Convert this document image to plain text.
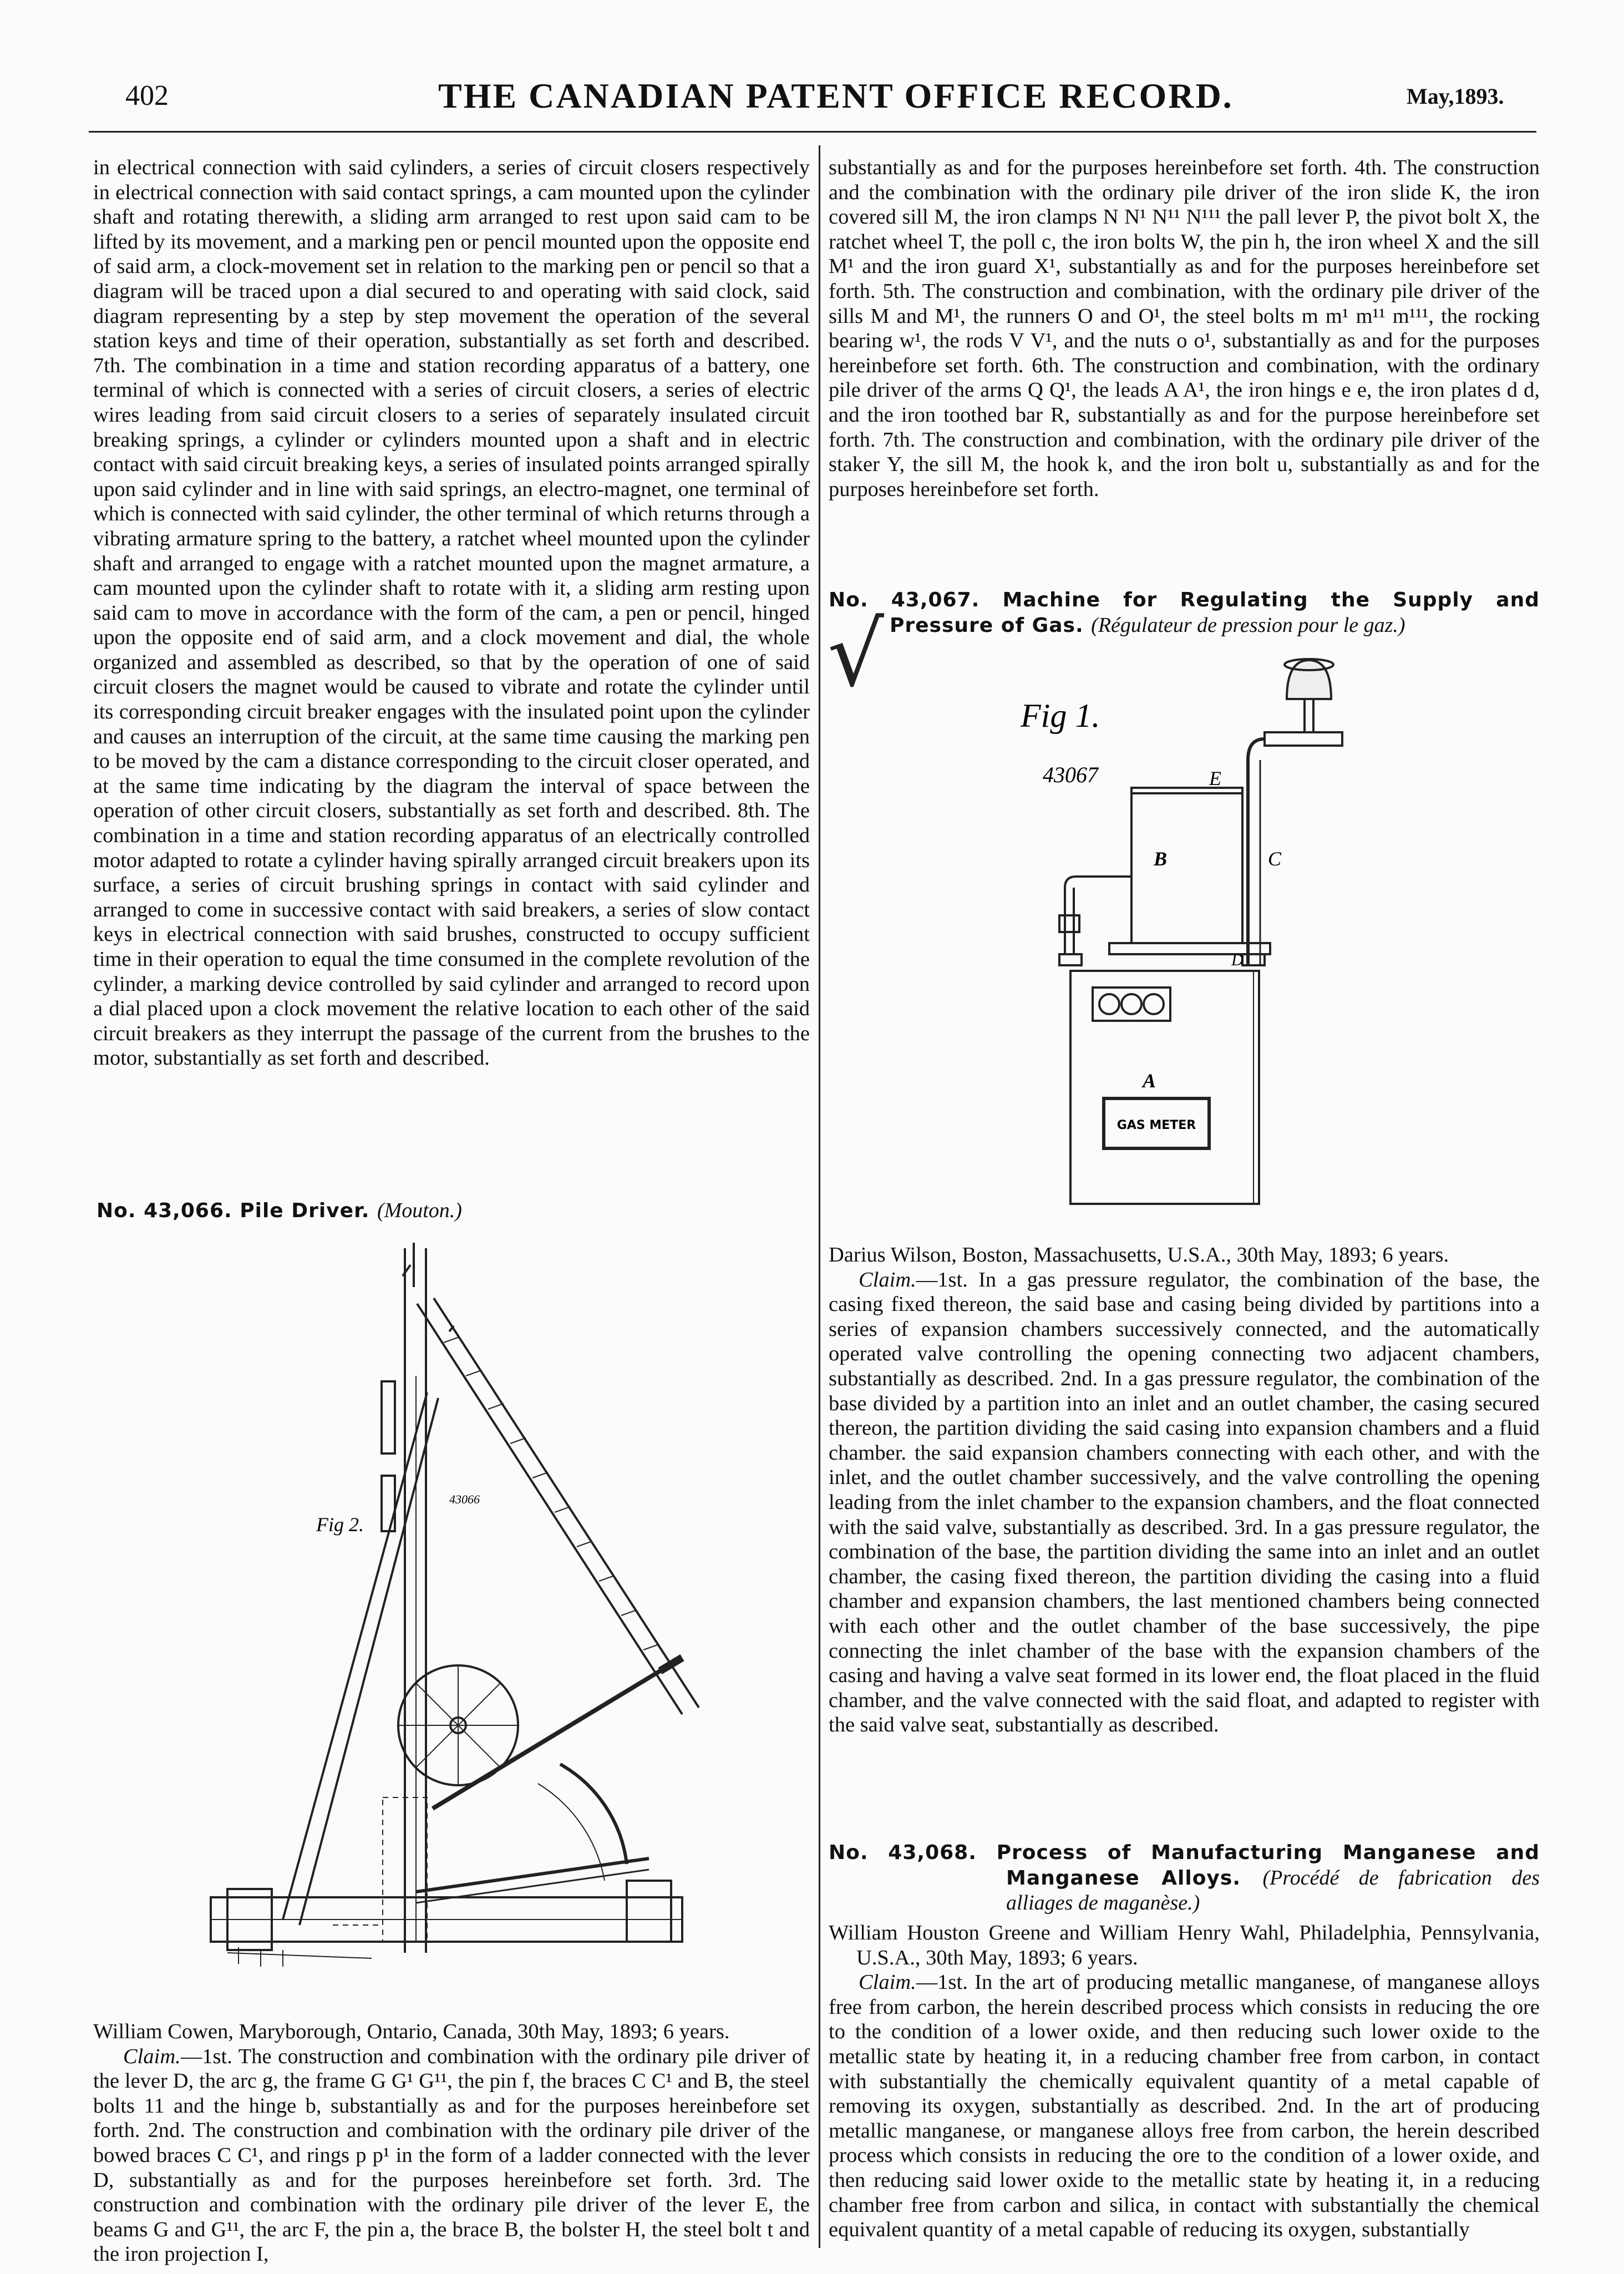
402	THE CANADIAN PATENT OFFICE RECORD.	May,1893.

in electrical connection with said cylinders, a series of circuit closers respectively in electrical connection with said contact springs, a cam mounted upon the cylinder shaft and rotating therewith, a sliding arm arranged to rest upon said cam to be lifted by its movement, and a marking pen or pencil mounted upon the opposite end of said arm, a clock-movement set in relation to the marking pen or pencil so that a diagram will be traced upon a dial secured to and operating with said clock, said diagram representing by a step by step movement the operation of the several station keys and time of their operation, substantially as set forth and described. 7th. The combination in a time and station recording apparatus of a battery, one terminal of which is connected with a series of circuit closers, a series of electric wires leading from said circuit closers to a series of separately insulated circuit breaking springs, a cylinder or cylinders mounted upon a shaft and in electric contact with said circuit breaking keys, a series of insulated points arranged spirally upon said cylinder and in line with said springs, an electro-magnet, one terminal of which is connected with said cylinder, the other terminal of which returns through a vibrating armature spring to the battery, a ratchet wheel mounted upon the cylinder shaft and arranged to engage with a ratchet mounted upon the magnet armature, a cam mounted upon the cylinder shaft to rotate with it, a sliding arm resting upon said cam to move in accordance with the form of the cam, a pen or pencil, hinged upon the opposite end of said arm, and a clock movement and dial, the whole organized and assembled as described, so that by the operation of one of said circuit closers the magnet would be caused to vibrate and rotate the cylinder until its corresponding circuit breaker engages with the insulated point upon the cylinder and causes an interruption of the circuit, at the same time causing the marking pen to be moved by the cam a distance corresponding to the circuit closer operated, and at the same time indicating by the diagram the interval of space between the operation of other circuit closers, substantially as set forth and described. 8th. The combination in a time and station recording apparatus of an electrically controlled motor adapted to rotate a cylinder having spirally arranged circuit breakers upon its surface, a series of circuit brushing springs in contact with said cylinder and arranged to come in successive contact with said breakers, a series of slow contact keys in electrical connection with said brushes, constructed to occupy sufficient time in their operation to equal the time consumed in the complete revolution of the cylinder, a marking device controlled by said cylinder and arranged to record upon a dial placed upon a clock movement the relative location to each other of the said circuit breakers as they interrupt the passage of the current from the brushes to the motor, substantially as set forth and described.

No. 43,066. Pile Driver. (Mouton.)

Fig 2.
43066

William Cowen, Maryborough, Ontario, Canada, 30th May, 1893; 6 years.

Claim.—1st. The construction and combination with the ordinary pile driver of the lever D, the arc g, the frame G G¹ G¹¹, the pin f, the braces C C¹ and B, the steel bolts 11 and the hinge b, substantially as and for the purposes hereinbefore set forth. 2nd. The construction and combination with the ordinary pile driver of the bowed braces C C¹, and rings p p¹ in the form of a ladder connected with the lever D, substantially as and for the purposes hereinbefore set forth. 3rd. The construction and combination with the ordinary pile driver of the lever E, the beams G and G¹¹, the arc F, the pin a, the brace B, the bolster H, the steel bolt t and the iron projection I,

substantially as and for the purposes hereinbefore set forth. 4th. The construction and the combination with the ordinary pile driver of the iron slide K, the iron covered sill M, the iron clamps N N¹ N¹¹ N¹¹¹ the pall lever P, the pivot bolt X, the ratchet wheel T, the poll c, the iron bolts W, the pin h, the iron wheel X and the sill M¹ and the iron guard X¹, substantially as and for the purposes hereinbefore set forth. 5th. The construction and combination, with the ordinary pile driver of the sills M and M¹, the runners O and O¹, the steel bolts m m¹ m¹¹ m¹¹¹, the rocking bearing w¹, the rods V V¹, and the nuts o o¹, substantially as and for the purposes hereinbefore set forth. 6th. The construction and combination, with the ordinary pile driver of the arms Q Q¹, the leads A A¹, the iron hings e e, the iron plates d d, and the iron toothed bar R, substantially as and for the purpose hereinbefore set forth. 7th. The construction and combination, with the ordinary pile driver of the staker Y, the sill M, the hook k, and the iron bolt u, substantially as and for the purposes hereinbefore set forth.

No. 43,067. Machine for Regulating the Supply and Pressure of Gas. (Régulateur de pression pour le gaz.)

√
GAS METER
Fig 1.
43067
A
B	C
D
E

Darius Wilson, Boston, Massachusetts, U.S.A., 30th May, 1893; 6 years.

Claim.—1st. In a gas pressure regulator, the combination of the base, the casing fixed thereon, the said base and casing being divided by partitions into a series of expansion chambers successively connected, and the automatically operated valve controlling the opening connecting two adjacent chambers, substantially as described. 2nd. In a gas pressure regulator, the combination of the base divided by a partition into an inlet and an outlet chamber, the casing secured thereon, the partition dividing the said casing into expansion chambers and a fluid chamber. the said expansion chambers connecting with each other, and with the inlet, and the outlet chamber successively, and the valve controlling the opening leading from the inlet chamber to the expansion chambers, and the float connected with the said valve, substantially as described. 3rd. In a gas pressure regulator, the combination of the base, the partition dividing the same into an inlet and an outlet chamber, the casing fixed thereon, the partition dividing the casing into a fluid chamber and expansion chambers, the last mentioned chambers being connected with each other and the outlet chamber of the base successively, the pipe connecting the inlet chamber of the base with the expansion chambers of the casing and having a valve seat formed in its lower end, the float placed in the fluid chamber, and the valve connected with the said float, and adapted to register with the said valve seat, substantially as described.

No. 43,068. Process of Manufacturing Manganese and Manganese Alloys. (Procédé de fabrication des alliages de maganèse.)

William Houston Greene and William Henry Wahl, Philadelphia, Pennsylvania, U.S.A., 30th May, 1893; 6 years.

Claim.—1st. In the art of producing metallic manganese, of manganese alloys free from carbon, the herein described process which consists in reducing the ore to the condition of a lower oxide, and then reducing such lower oxide to the metallic state by heating it, in a reducing chamber free from carbon, in contact with substantially the chemically equivalent quantity of a metal capable of removing its oxygen, substantially as described. 2nd. In the art of producing metallic manganese, or manganese alloys free from carbon, the herein described process which consists in reducing the ore to the condition of a lower oxide, and then reducing said lower oxide to the metallic state by heating it, in a reducing chamber free from carbon and silica, in contact with substantially the chemical equivalent quantity of a metal capable of reducing its oxygen, substantially
